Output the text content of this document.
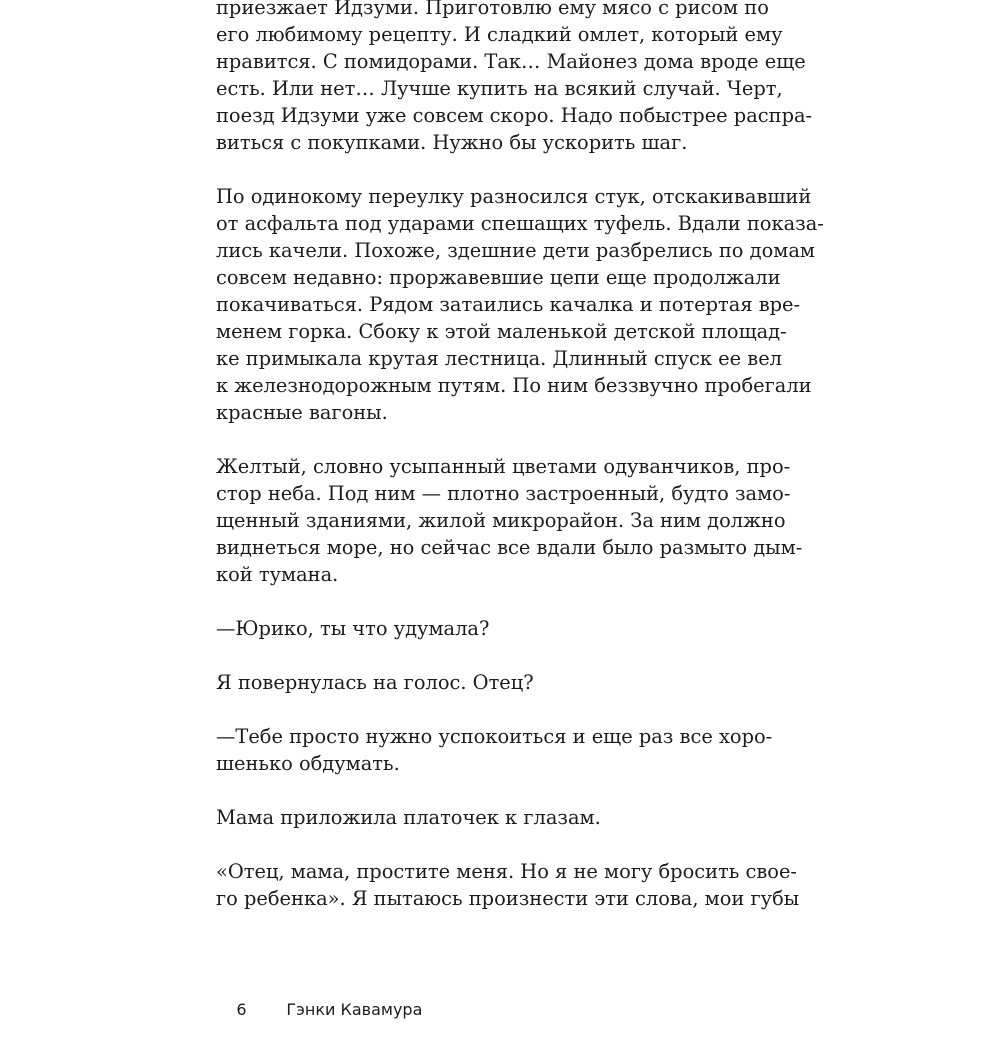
приезжает Идзуми. Приготовлю ему мясо с рисом по
его любимому рецепту. И сладкий омлет, который ему
нравится. С помидорами. Так… Майонез дома вроде еще
есть. Или нет… Лучше купить на всякий случай. Черт,
поезд Идзуми уже совсем скоро. Надо побыстрее распра-
виться с покупками. Нужно бы ускорить шаг.
По одинокому переулку разносился стук, отскакивавший
от асфальта под ударами спешащих туфель. Вдали показа-
лись качели. Похоже, здешние дети разбрелись по домам
совсем недавно: проржавевшие цепи еще продолжали
покачиваться. Рядом затаились качалка и потертая вре-
менем горка. Сбоку к этой маленькой детской площад-
ке примыкала крутая лестница. Длинный спуск ее вел
к железнодорожным путям. По ним беззвучно пробегали
красные вагоны.
Желтый, словно усыпанный цветами одуванчиков, про-
стор неба. Под ним — плотно застроенный, будто замо-
щенный зданиями, жилой микрорайон. За ним должно
виднеться море, но сейчас все вдали было размыто дым-
кой тумана.
—Юрико, ты что удумала?
Я повернулась на голос. Отец?
—Тебе просто нужно успокоиться и еще раз все хоро-
шенько обдумать.
Мама приложила платочек к глазам.
«Отец, мама, простите меня. Но я не могу бросить свое-
го ребенка». Я пытаюсь произнести эти слова, мои губы

6 Гэнки Кавамура
